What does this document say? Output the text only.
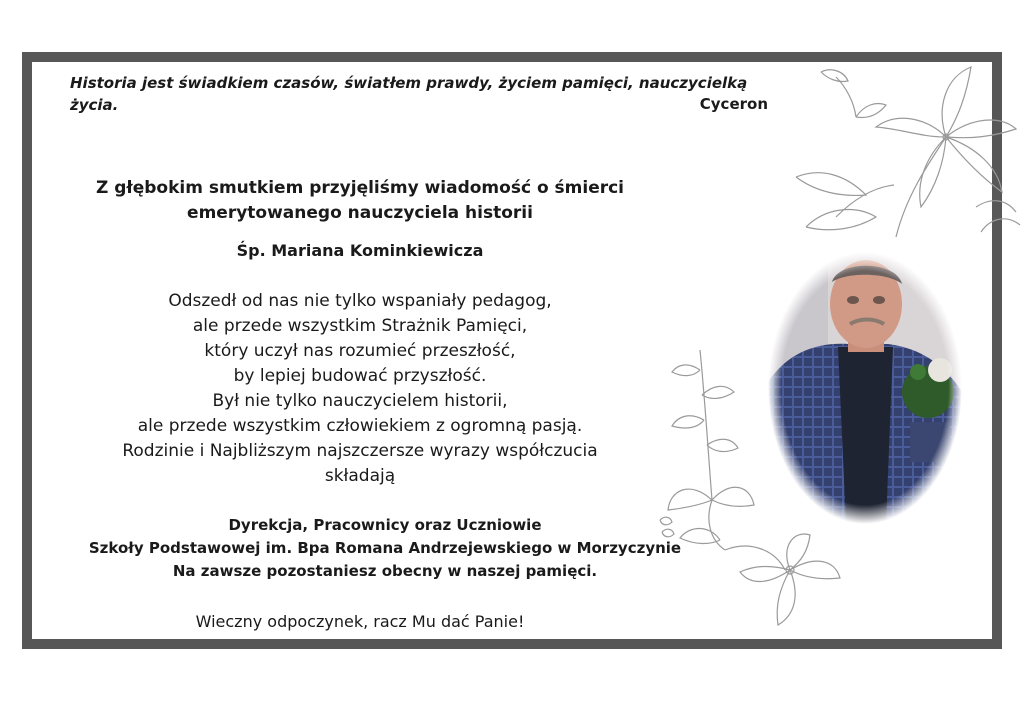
Historia jest świadkiem czasów, światłem prawdy, życiem pamięci, nauczycielką życia.	Cyceron
Z głębokim smutkiem przyjęliśmy wiadomość o śmierci
emerytowanego nauczyciela historii
Śp. Mariana Kominkiewicza
Odszedł od nas nie tylko wspaniały pedagog,
ale przede wszystkim Strażnik Pamięci,
który uczył nas rozumieć przeszłość,
by lepiej budować przyszłość.
Był nie tylko nauczycielem historii,
ale przede wszystkim człowiekiem z ogromną pasją.
Rodzinie i Najbliższym najszczersze wyrazy współczucia
składają
Dyrekcja, Pracownicy oraz Uczniowie
Szkoły Podstawowej im. Bpa Romana Andrzejewskiego w Morzyczynie
Na zawsze pozostaniesz obecny w naszej pamięci.
Wieczny odpoczynek, racz Mu dać Panie!
